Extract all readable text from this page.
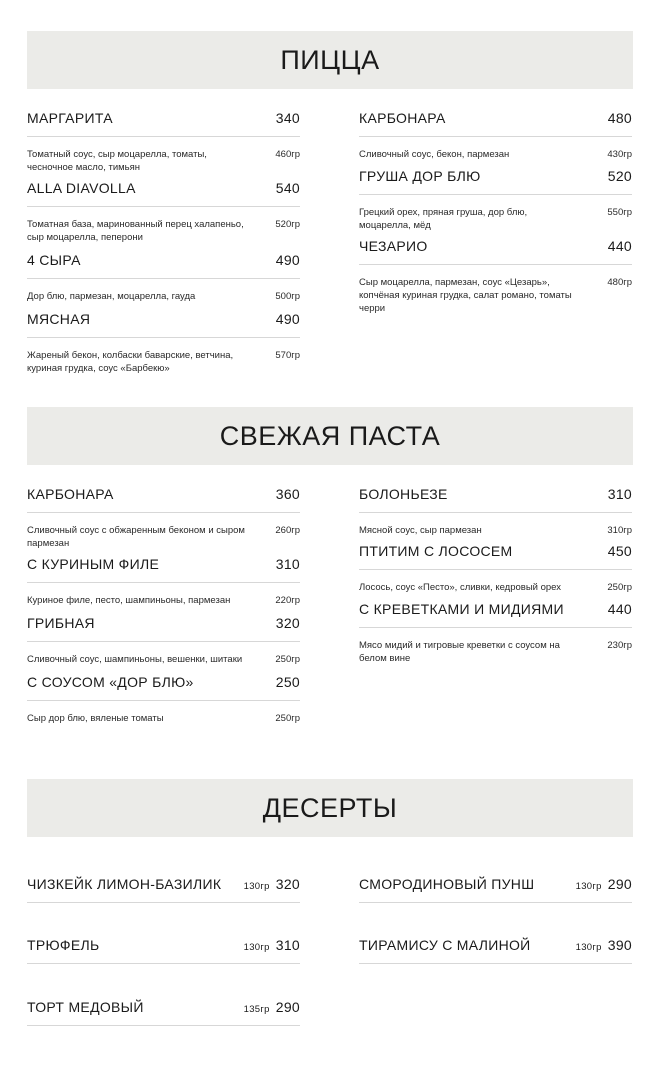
ПИЦЦА
МАРГАРИТА	340
Томатный соус, сыр моцарелла, томаты, чесночное масло, тимьян
460гр
ALLA DIAVOLLA	540
Томатная база, маринованный перец халапеньо, сыр моцарелла, пеперони
520гр
4 СЫРА	490
Дор блю, пармезан, моцарелла, гауда	500гр
МЯСНАЯ	490
Жареный бекон, колбаски баварские, ветчина, куриная грудка, соус «Барбекю»
570гр
КАРБОНАРА	480
Сливочный соус, бекон, пармезан	430гр
ГРУША ДОР БЛЮ	520
Грецкий орех, пряная груша, дор блю, моцарелла, мёд
550гр
ЧЕЗАРИО	440
Сыр моцарелла, пармезан, соус «Цезарь», копчёная куриная грудка, салат романо, томаты черри
480гр
СВЕЖАЯ ПАСТА
КАРБОНАРА	360
Сливочный соус с обжаренным беконом и сыром пармезан
260гр
С КУРИНЫМ ФИЛЕ	310
Куриное филе, песто, шампиньоны, пармезан	220гр
ГРИБНАЯ	320
Сливочный соус, шампиньоны, вешенки, шитаки	250гр
С СОУСОМ «ДОР БЛЮ»	250
Сыр дор блю, вяленые томаты	250гр
БОЛОНЬЕЗЕ	310
Мясной соус, сыр пармезан	310гр
ПТИТИМ С ЛОСОСЕМ	450
Лосось, соус «Песто», сливки, кедровый орех	250гр
С КРЕВЕТКАМИ И МИДИЯМИ	440
Мясо мидий и тигровые креветки с соусом на белом вине
230гр
ДЕСЕРТЫ
ЧИЗКЕЙК ЛИМОН-БАЗИЛИК	130гр 320	СМОРОДИНОВЫЙ ПУНШ	130гр 290
ТРЮФЕЛЬ	130гр 310	ТИРАМИСУ С МАЛИНОЙ	130гр 390
ТОРТ МЕДОВЫЙ	135гр 290
